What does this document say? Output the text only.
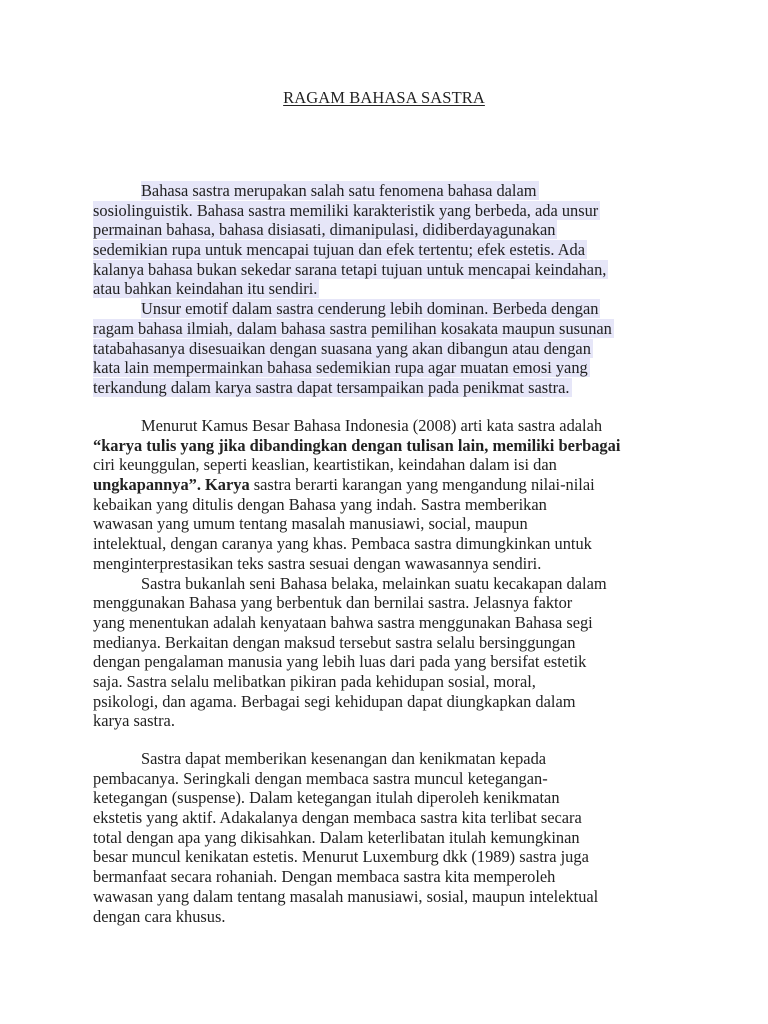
RAGAM BAHASA SASTRA
Bahasa sastra merupakan salah satu fenomena bahasa dalam
sosiolinguistik. Bahasa sastra memiliki karakteristik yang berbeda, ada unsur
permainan bahasa, bahasa disiasati, dimanipulasi, didiberdayagunakan
sedemikian rupa untuk mencapai tujuan dan efek tertentu; efek estetis. Ada
kalanya bahasa bukan sekedar sarana tetapi tujuan untuk mencapai keindahan,
atau bahkan keindahan itu sendiri.
Unsur emotif dalam sastra cenderung lebih dominan. Berbeda dengan
ragam bahasa ilmiah, dalam bahasa sastra pemilihan kosakata maupun susunan
tatabahasanya disesuaikan dengan suasana yang akan dibangun atau dengan
kata lain mempermainkan bahasa sedemikian rupa agar muatan emosi yang
terkandung dalam karya sastra dapat tersampaikan pada penikmat sastra.
Menurut Kamus Besar Bahasa Indonesia (2008) arti kata sastra adalah
“karya tulis yang jika dibandingkan dengan tulisan lain, memiliki berbagai
ciri keunggulan, seperti keaslian, keartistikan, keindahan dalam isi dan
ungkapannya”. Karya sastra berarti karangan yang mengandung nilai-nilai
kebaikan yang ditulis dengan Bahasa yang indah. Sastra memberikan
wawasan yang umum tentang masalah manusiawi, social, maupun
intelektual, dengan caranya yang khas. Pembaca sastra dimungkinkan untuk
menginterprestasikan teks sastra sesuai dengan wawasannya sendiri.
Sastra bukanlah seni Bahasa belaka, melainkan suatu kecakapan dalam
menggunakan Bahasa yang berbentuk dan bernilai sastra. Jelasnya faktor
yang menentukan adalah kenyataan bahwa sastra menggunakan Bahasa segi
medianya. Berkaitan dengan maksud tersebut sastra selalu bersinggungan
dengan pengalaman manusia yang lebih luas dari pada yang bersifat estetik
saja. Sastra selalu melibatkan pikiran pada kehidupan sosial, moral,
psikologi, dan agama. Berbagai segi kehidupan dapat diungkapkan dalam
karya sastra.
Sastra dapat memberikan kesenangan dan kenikmatan kepada
pembacanya. Seringkali dengan membaca sastra muncul ketegangan-
ketegangan (suspense). Dalam ketegangan itulah diperoleh kenikmatan
ekstetis yang aktif. Adakalanya dengan membaca sastra kita terlibat secara
total dengan apa yang dikisahkan. Dalam keterlibatan itulah kemungkinan
besar muncul kenikatan estetis. Menurut Luxemburg dkk (1989) sastra juga
bermanfaat secara rohaniah. Dengan membaca sastra kita memperoleh
wawasan yang dalam tentang masalah manusiawi, sosial, maupun intelektual
dengan cara khusus.
